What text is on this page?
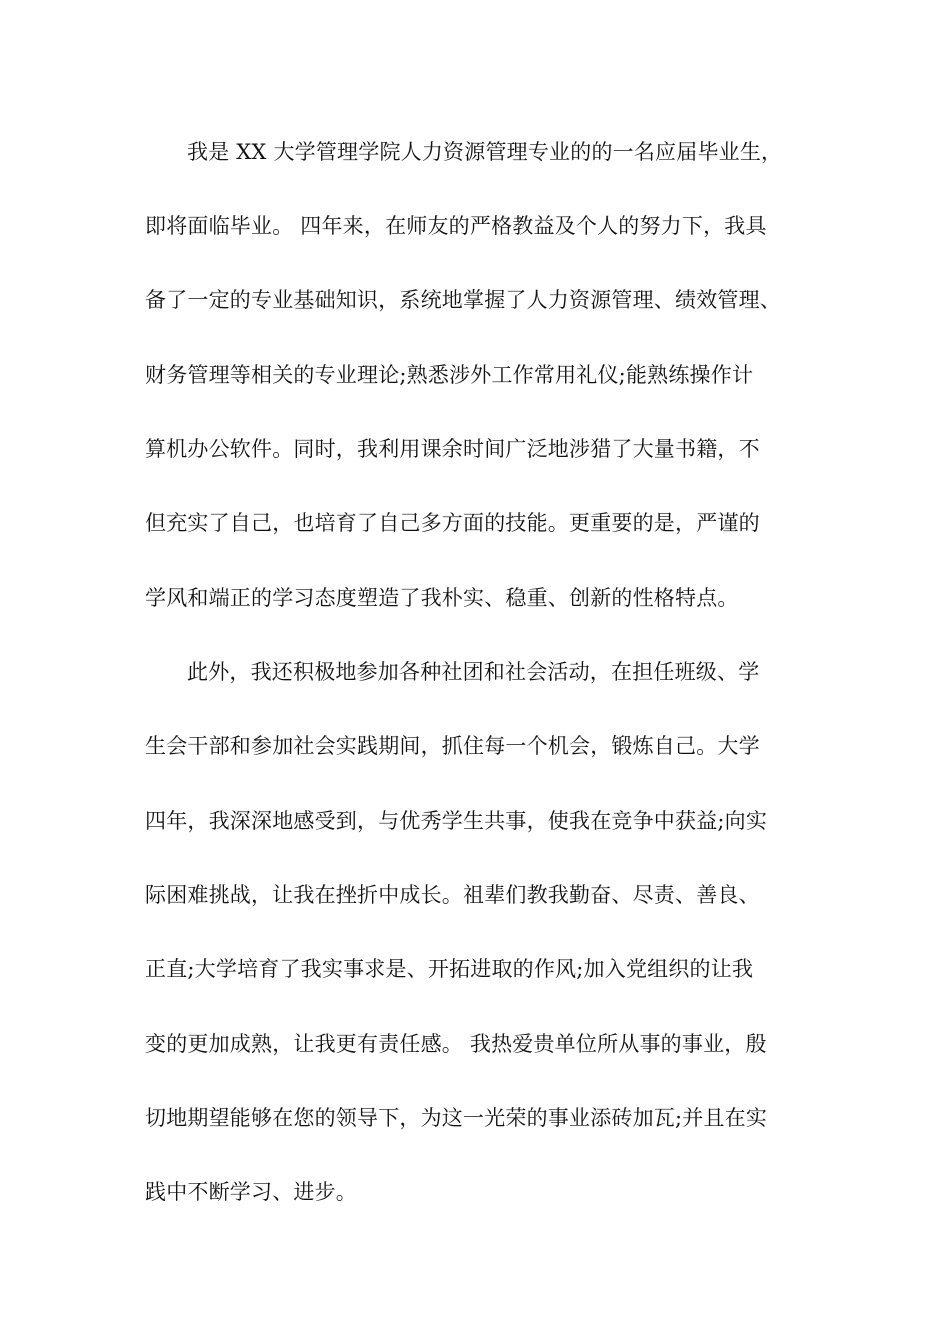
我是 XX 大学管理学院人力资源管理专业的的一名应届毕业生，
即将面临毕业。 四年来，在师友的严格教益及个人的努力下，我具
备了一定的专业基础知识，系统地掌握了人力资源管理、绩效管理、
财务管理等相关的专业理论;熟悉涉外工作常用礼仪;能熟练操作计
算机办公软件。同时，我利用课余时间广泛地涉猎了大量书籍，不
但充实了自己，也培育了自己多方面的技能。更重要的是，严谨的
学风和端正的学习态度塑造了我朴实、稳重、创新的性格特点。
此外，我还积极地参加各种社团和社会活动，在担任班级、学
生会干部和参加社会实践期间，抓住每一个机会，锻炼自己。大学
四年，我深深地感受到，与优秀学生共事，使我在竞争中获益;向实
际困难挑战，让我在挫折中成长。祖辈们教我勤奋、尽责、善良、
正直;大学培育了我实事求是、开拓进取的作风;加入党组织的让我
变的更加成熟，让我更有责任感。 我热爱贵单位所从事的事业，殷
切地期望能够在您的领导下，为这一光荣的事业添砖加瓦;并且在实
践中不断学习、进步。
